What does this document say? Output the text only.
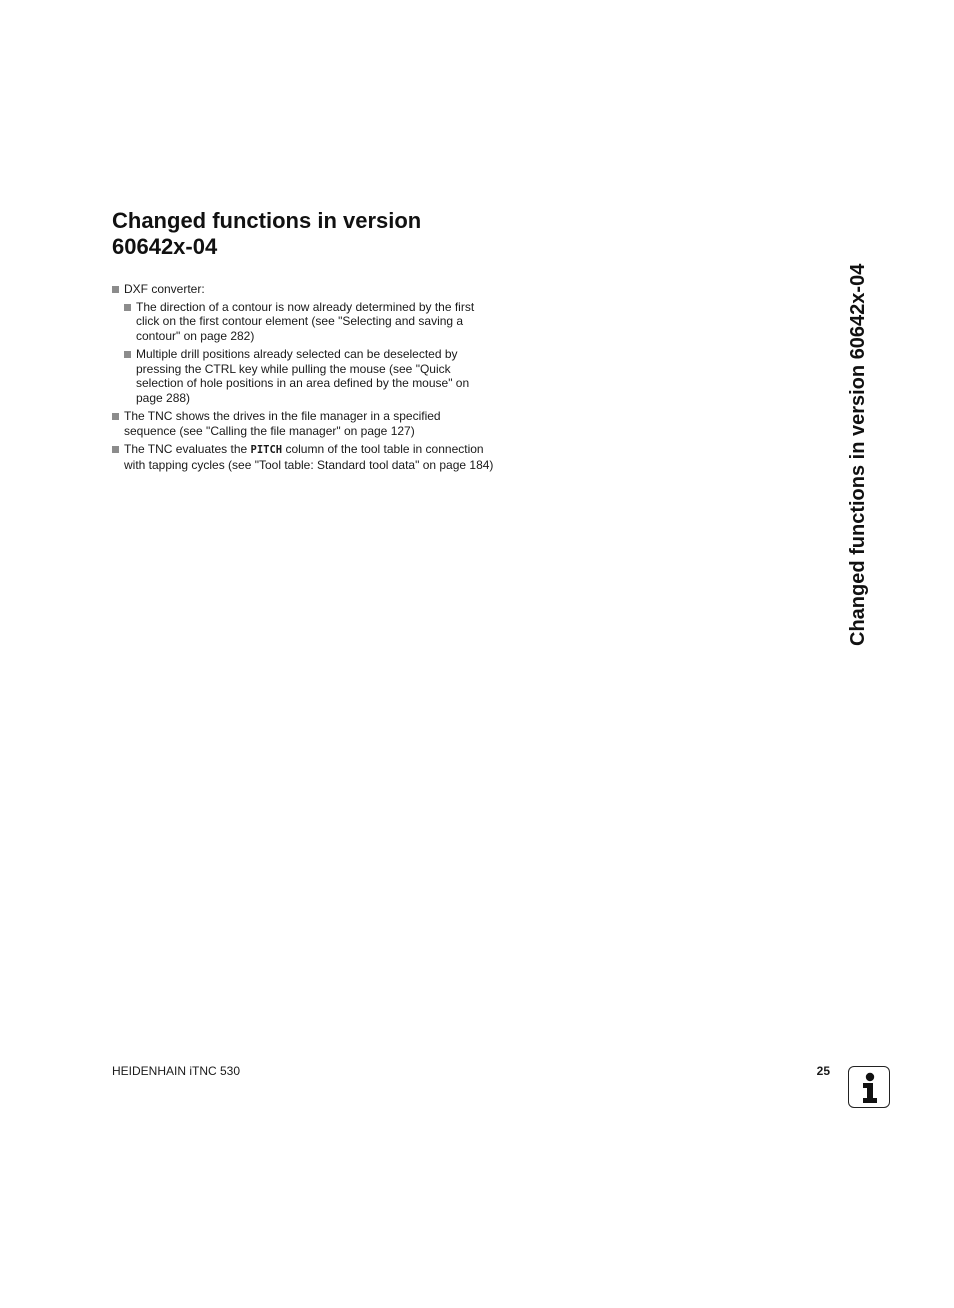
Changed functions in version
60642x-04
DXF converter:
The direction of a contour is now already determined by the first
click on the first contour element (see "Selecting and saving a
contour" on page 282)
Multiple drill positions already selected can be deselected by
pressing the CTRL key while pulling the mouse (see "Quick
selection of hole positions in an area defined by the mouse" on
page 288)
The TNC shows the drives in the file manager in a specified
sequence (see "Calling the file manager" on page 127)
The TNC evaluates the PITCH column of the tool table in connection
with tapping cycles (see "Tool table: Standard tool data" on page 184)	Changed functions in version 60642x-04
HEIDENHAIN iTNC 530	25
